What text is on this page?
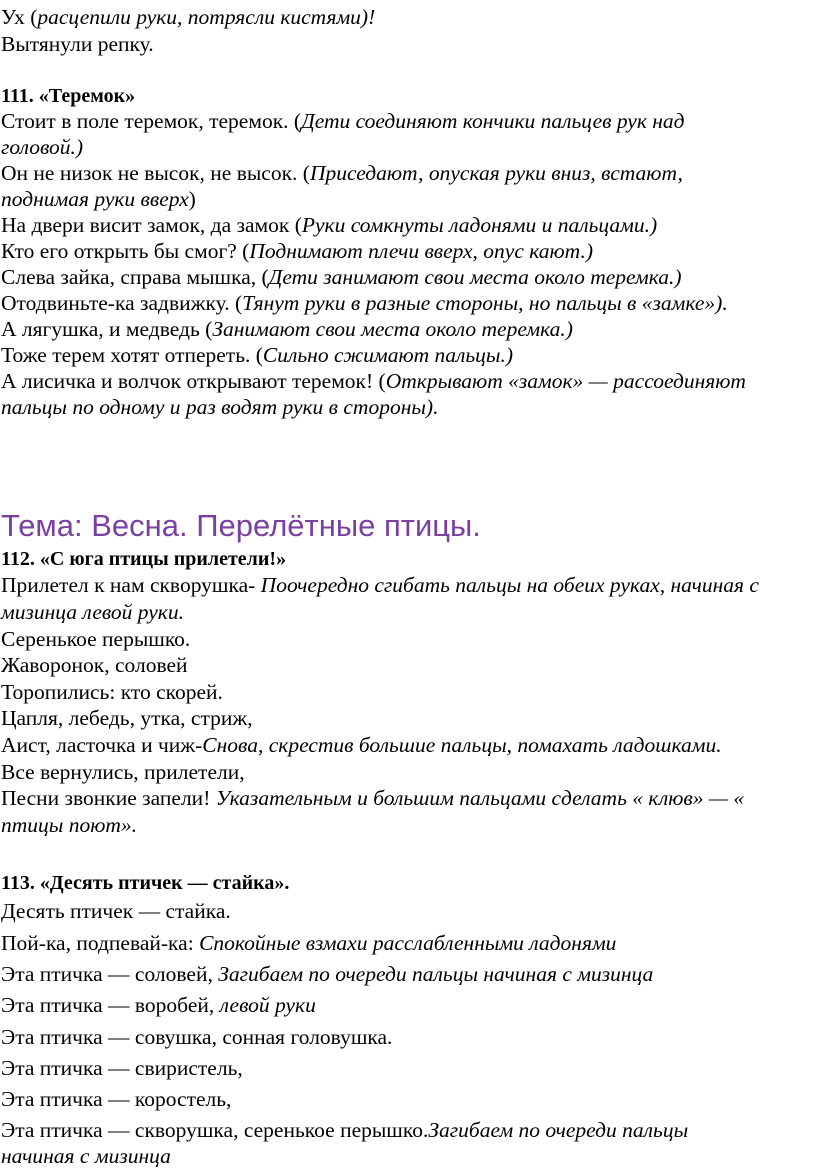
Ух (расцепили руки, потрясли кистями)!
Вытянули репку.
111. «Теремок»
Стоит в поле теремок, теремок. (Дети соединяют кончики пальцев рук над
головой.)
Он не низок не высок, не высок. (Приседают, опуская руки вниз, встают,
поднимая руки вверх)
На двери висит замок, да замок (Руки сомкнуты ладонями и пальцами.)
Кто его открыть бы смог? (Поднимают плечи вверх, опус кают.)
Слева зайка, справа мышка, (Дети занимают свои места около теремка.)
Отодвиньте-ка задвижку. (Тянут руки в разные стороны, но пальцы в «замке»).
А лягушка, и медведь (Занимают свои места около теремка.)
Тоже терем хотят отпереть. (Сильно сжимают пальцы.)
А лисичка и волчок открывают теремок! (Открывают «замок» — рассоединяют
пальцы по одному и раз водят руки в стороны).
Тема: Весна. Перелётные птицы.
112. «С юга птицы прилетели!»
Прилетел к нам скворушка- Поочередно сгибать пальцы на обеих руках, начиная с
мизинца левой руки.
Серенькое перышко.
Жаворонок, соловей
Торопились: кто скорей.
Цапля, лебедь, утка, стриж,
Аист, ласточка и чиж-Снова, скрестив большие пальцы, помахать ладошками.
Все вернулись, прилетели,
Песни звонкие запели! Указательным и большим пальцами сделать « клюв» — «
птицы поют».
113. «Десять птичек — стайка».
Десять птичек — стайка.
Пой-ка, подпевай-ка: Спокойные взмахи расслабленными ладонями
Эта птичка — соловей, Загибаем по очереди пальцы начиная с мизинца
Эта птичка — воробей, левой руки
Эта птичка — совушка, сонная головушка.
Эта птичка — свиристель,
Эта птичка — коростель,
Эта птичка — скворушка, серенькое перышко.Загибаем по очереди пальцы
начиная с мизинца
